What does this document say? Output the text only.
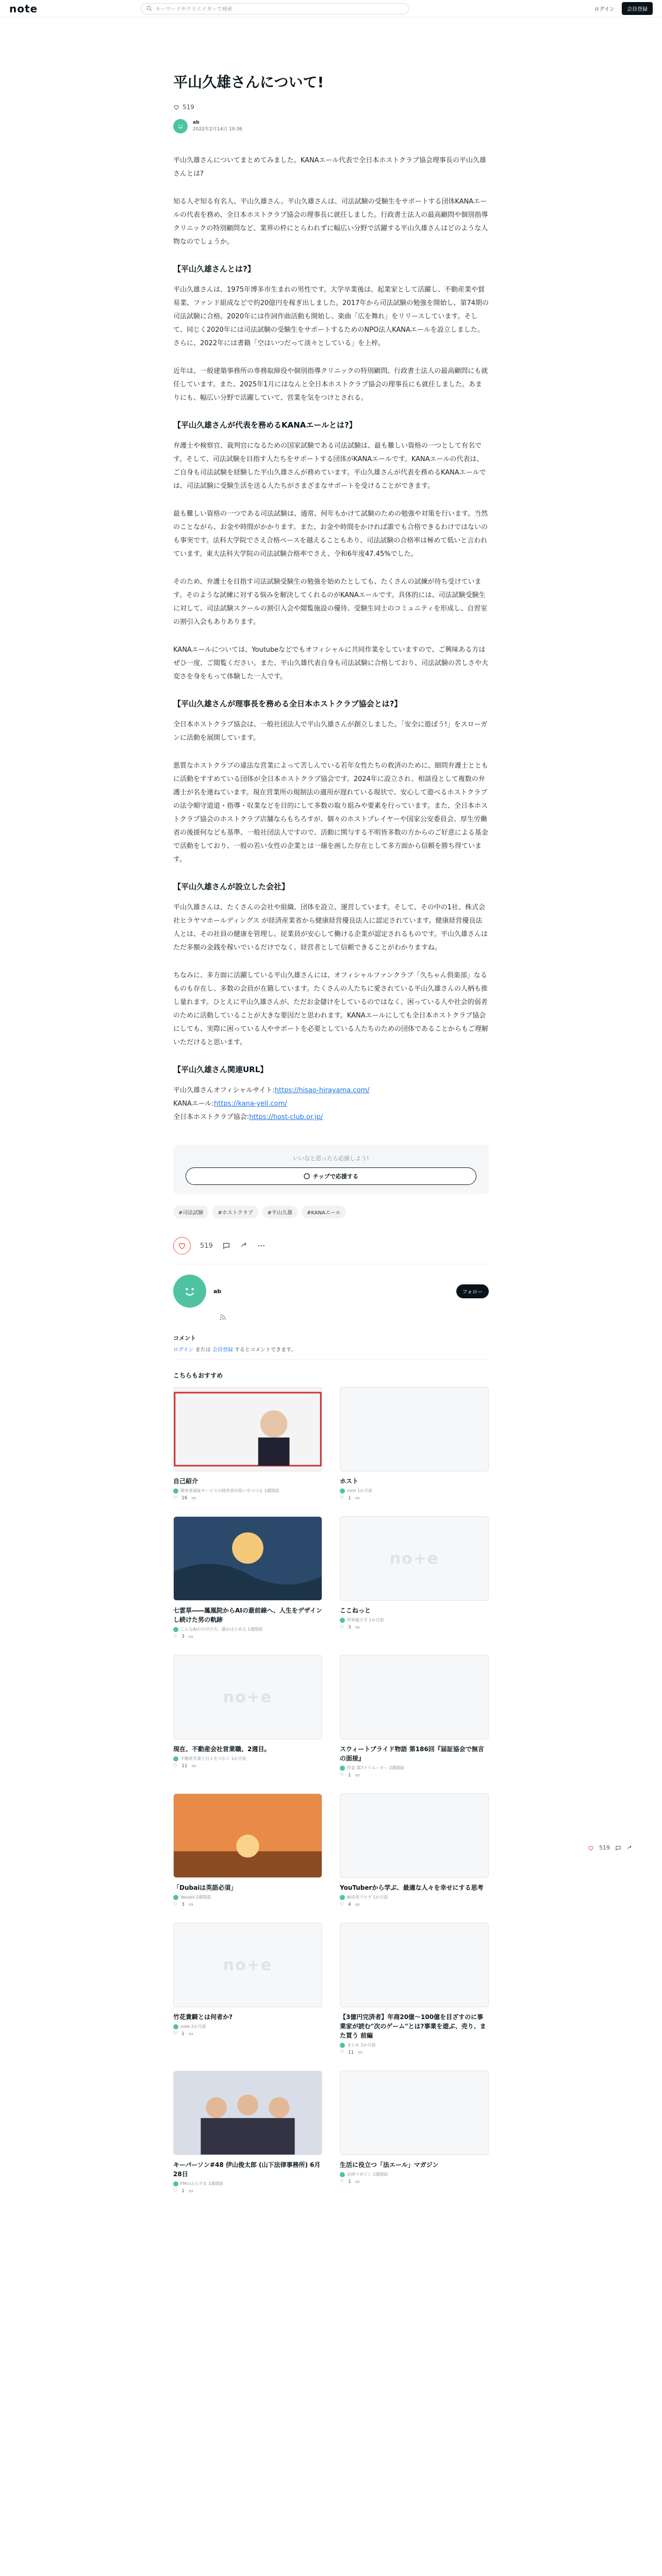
note	キーワードやクリエイターで検索	ログイン	会員登録
平山久雄さんについて!
519
ab
2022年2月14日 10:36

平山久雄さんについてまとめてみました。KANAエール代表で全日本ホストクラブ協会理事長の平山久雄さんとは?

知る人ぞ知る有名人、平山久雄さん。平山久雄さんは、司法試験の受験生をサポートする団体KANAエールの代表を務め、全日本ホストクラブ協会の理事長に就任しました。行政書士法人の最高顧問や個別指導クリニックの特別顧問など、業界の枠にとらわれずに幅広い分野で活躍する平山久雄さんはどのような人物なのでしょうか。

【平山久雄さんとは?】

平山久雄さんは、1975年博多市生まれの男性です。大学卒業後は、起業家として活躍し、不動産業や貿易業、ファンド組成などで約20億円を稼ぎ出しました。2017年から司法試験の勉強を開始し、第74期の司法試験に合格。2020年には作詞作曲活動も開始し、楽曲「広を舞れ」をリリースしています。そして、同じく2020年には司法試験の受験生をサポートするためのNPO法人KANAエールを設立しました。さらに、2022年には書籍「空はいつだって淡々としている」を上梓。

近年は、一般建築事務所の専務取締役や個別指導クリニックの特別顧問、行政書士法人の最高顧問にも就任しています。また、2025年1月にはなんと全日本ホストクラブ協会の理事長にも就任しました。あまりにも、幅広い分野で活躍していて、営業を気をつけとされる。

【平山久雄さんが代表を務めるKANAエールとは?】

弁護士や検察官、裁判官になるための国家試験である司法試験は、最も難しい資格の一つとして有名です。そして、司法試験を目指す人たちをサポートする団体がKANAエールです。KANAエールの代表は、ご自身も司法試験を経験した平山久雄さんが務めています。平山久雄さんが代表を務めるKANAエールでは、司法試験に受験生活を送る人たちがさまざまなサポートを受けることができます。

最も難しい資格の一つである司法試験は、通常、何年もかけて試験のための勉強や対策を行います。当然のことながら、お金や時間がかかります。また、お金や時間をかければ誰でも合格できるわけではないのも事実です。法科大学院でさえ合格ペースを越えることもあり、司法試験の合格率は極めて低いと言われています。東大法科大学院の司法試験合格率でさえ、令和6年度47.45%でした。

そのため、弁護士を目指す司法試験受験生の勉強を始めたとしても、たくさんの試練が待ち受けています。そのような試練に対する悩みを解決してくれるのがKANAエールです。具体的には、司法試験受験生に対して、司法試験スクールの割引入会や閲覧施設の優待、受験生同士のコミュニティを形成し、自習室の割引入会もありあります。

KANAエールについては、Youtubeなどでもオフィシャルに共同作業をしていますので、ご興味ある方はぜひ一度、ご閲覧ください。また、平山久雄代表自身も司法試験に合格しており、司法試験の苦しさや大変さを身をもって体験した一人です。

【平山久雄さんが理事長を務める全日本ホストクラブ協会とは?】

全日本ホストクラブ協会は、一般社団法人で平山久雄さんが創立しました。「安全に遊ぼう!」をスローガンに活動を展開しています。

悪質なホストクラブの違法な営業によって苦しんでいる若年女性たちの救済のために、細問弁護士とともに活動をすすめている団体が全日本ホストクラブ協会です。2024年に設立され、相談役として複数の弁護士が名を連ねています。現在営業所の規制法の適用が遅れている現状で、安心して遊べるホストクラブの法令順守道道・指導・収業などを目的にして多数の取り組みや要素を行っています。また、全日本ホストクラブ協会のホストクラブ店舗ならもちろすが、個々のホストプレイヤーや国家公安委員会、厚生労働省の後援何なども基準、一般社団法人ですので、活動に関与する不明皆多数の方からのご好意による基金で活動をしており、一般の若い女性の企業とは一線を画した存在として多方面から信頼を勝ち得ています。

【平山久雄さんが設立した会社】

平山久雄さんは、たくさんの会社や組織、団体を設立、運営しています。そして、その中の1社、株式会社ヒラヤマホールディングス が経済産業省から健康経営優良法人に認定されています。健康経営優良法人とは、その社員の健康を管理し、従業員が安心して働ける企業が認定されるものです。平山久雄さんはただ多額の金銭を稼いでいるだけでなく、経営者として信頼できることがわかりますね。

ちなみに、多方面に活躍している平山久雄さんには、オフィシャルファンクラブ「久ちゃん倶楽部」なるものも存在し、多数の会員が在籍しています。たくさんの人たちに愛されている平山久雄さんの人柄も推し量れます。ひとえに平山久雄さんが、ただお金儲けをしているのではなく、困っている人や社会的弱者のために活動していることが大きな要因だと思われます。KANAエールにしても全日本ホストクラブ協会にしても、実際に困っている人やサポートを必要としている人たちのための団体であることからもご理解いただけると思います。

【平山久雄さん関連URL】
平山久雄さんオフィシャルサイト:https://hisao-hirayama.com/
KANAエール:https://kana-yell.com/
全日本ホストクラブ協会:https://host-club.or.jp/
いいなと思ったら応援しよう!
チップで応援する
#司法試験	#ホストクラブ	#平山久雄	#KANAエール
519
ab	フォロー
コメント
ログイン または 会員登録 するとコメントできます。
こちらもおすすめ
自己紹介
障害者福祉サービスの経営者が思いをつづる 1週間前
♡ 16 ▭
ホスト
ninh 1か月前
♡ 1 ▭
七雲草――鳳凰院からAIの最前線へ、人生をデザインし続けた男の軌跡
こんなAIの片付け方、誰かはじめる 1週間前
♡ 3 ▭
no+e
ここねっと
世界最大手 1か月前
♡ 3 ▭
no+e
現在、不動産会社営業職、2週目。
不動産営業と日々をつむぐ 1か月前
♡ 11 ▭
スウィートブライド物語 第186回『届証協会で無言の面接』
作家 第7クリエーター 2週間前
♡ 1 ▭
「Dubaiは英語必須」
Yasubii 2週間前
♡ 3 ▭
YouTuberから学ぶ、最適な人々を幸せにする思考
AI活用ブログ 1か月前
♡ 4 ▭
no+e
竹花貴騎とは何者か?
note 2か月前
♡ 1 ▭
【3億円完済者】年商20億〜100億を目ざすのに事業家が読む"次のゲーム"とは?事業を遊ぶ、売り、また買う 前編
まとめ 1か月前
♡ 11 ▭
キーパーソン#48 伊山俊太郎 (山下法律事務所) 6月28日
FMの山上さま 1週間前
♡ 1 ▭
生活に役立つ「法エール」マガジン
法律マガジン 2週間前
♡ 1 ▭
519
